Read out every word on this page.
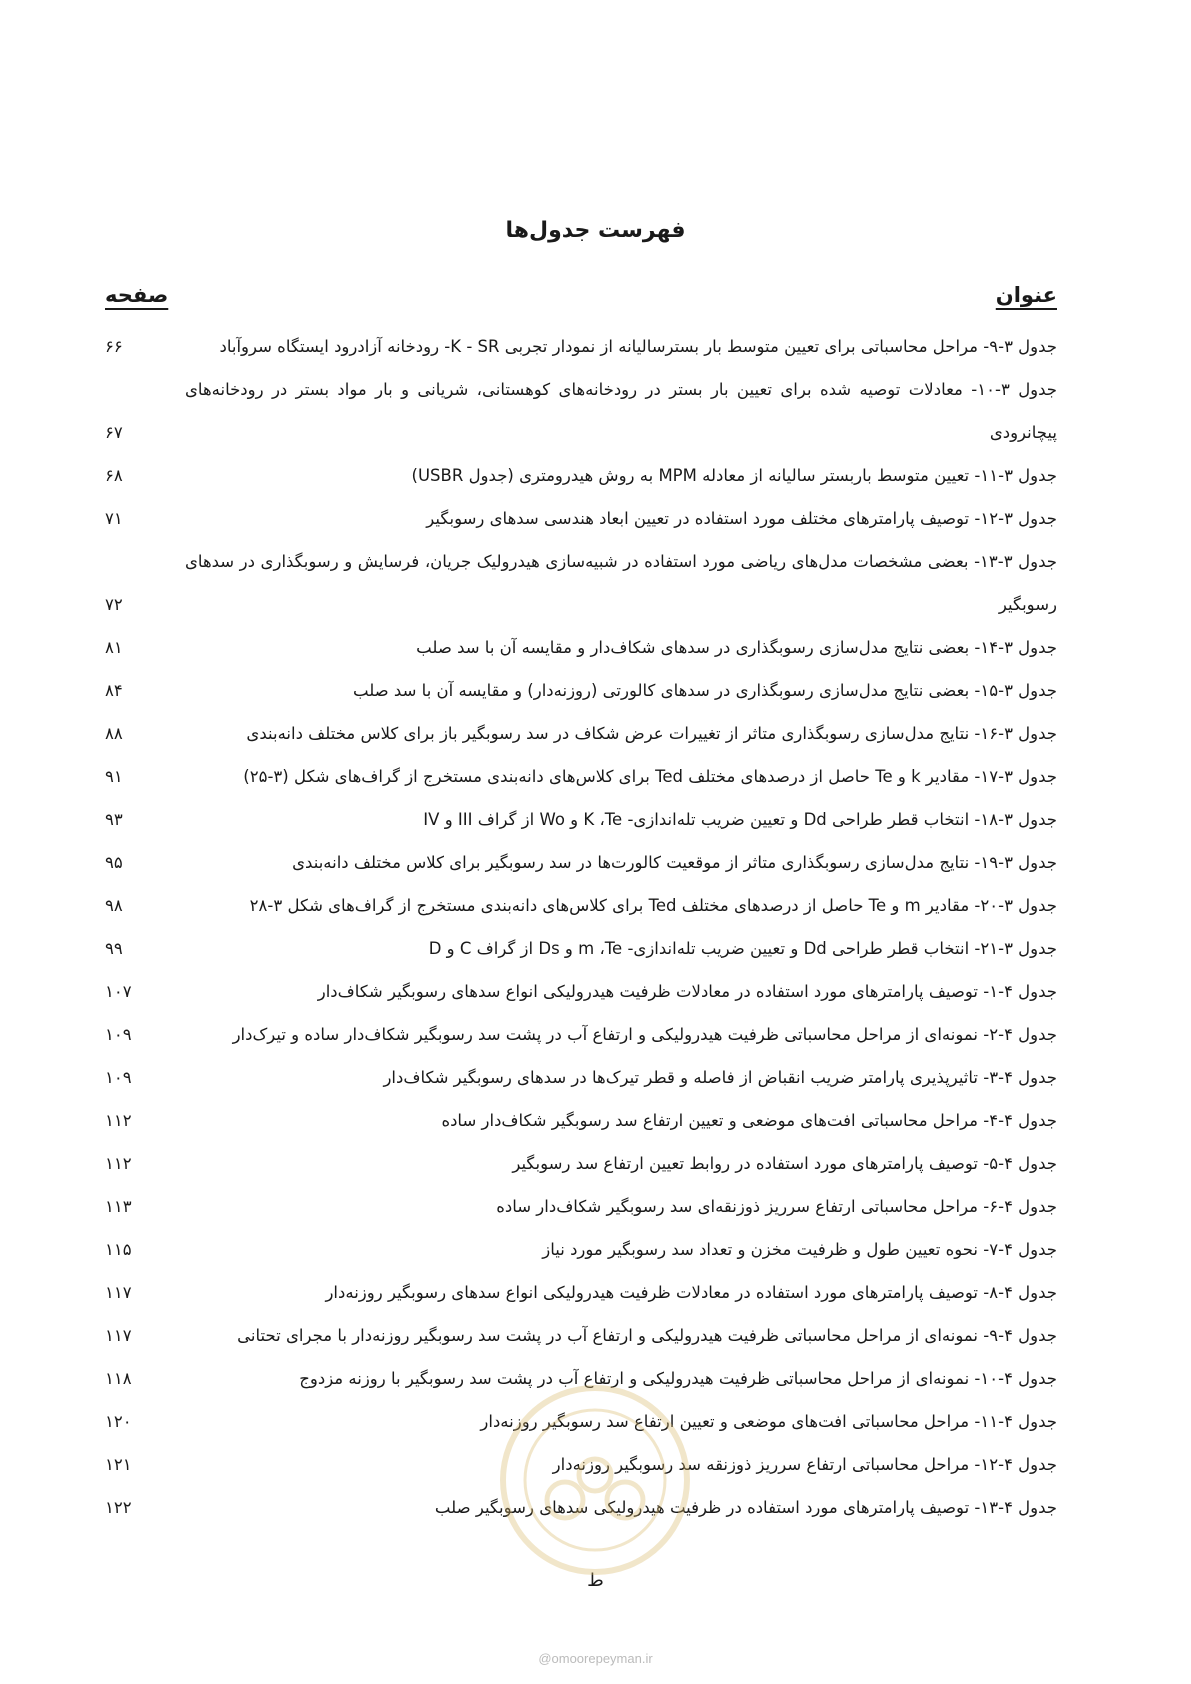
فهرست جدول‌ها
عنوان
صفحه
جدول ۳-۹- مراحل محاسباتی برای تعیین متوسط بار بسترسالیانه از نمودار تجربی K - SR- رودخانه آزادرود ایستگاه سروآباد
۶۶
جدول ۳-۱۰- معادلات توصیه شده برای تعیین بار بستر در رودخانه‌های کوهستانی، شریانی و بار مواد بستر در رودخانه‌های پیچانرودی
۶۷
جدول ۳-۱۱- تعیین متوسط باربستر سالیانه از معادله MPM به روش هیدرومتری (جدول USBR)
۶۸
جدول ۳-۱۲- توصیف پارامترهای مختلف مورد استفاده در تعیین ابعاد هندسی سدهای رسوبگیر
۷۱
جدول ۳-۱۳- بعضی مشخصات مدل‌های ریاضی مورد استفاده در شبیه‌سازی هیدرولیک جریان، فرسایش و رسوبگذاری در سدهای رسوبگیر
۷۲
جدول ۳-۱۴- بعضی نتایج مدل‌سازی رسوبگذاری در سدهای شکاف‌دار و مقایسه آن با سد صلب
۸۱
جدول ۳-۱۵- بعضی نتایج مدل‌سازی رسوبگذاری در سدهای کالورتی (روزنه‌دار) و مقایسه آن با سد صلب
۸۴
جدول ۳-۱۶- نتایج مدل‌سازی رسوبگذاری متاثر از تغییرات عرض شکاف در سد رسوبگیر باز برای کلاس مختلف دانه‌بندی
۸۸
جدول ۳-۱۷- مقادیر k و Te حاصل از درصدهای مختلف Ted برای کلاس‌های دانه‌بندی مستخرج از گراف‌های شکل (۳-۲۵)
۹۱
جدول ۳-۱۸- انتخاب قطر طراحی Dd و تعیین ضریب تله‌اندازی- K ،Te و Wo از گراف III و IV
۹۳
جدول ۳-۱۹- نتایج مدل‌سازی رسوبگذاری متاثر از موقعیت کالورت‌ها در سد رسوبگیر برای کلاس مختلف دانه‌بندی
۹۵
جدول ۳-۲۰- مقادیر m و Te حاصل از درصدهای مختلف Ted برای کلاس‌های دانه‌بندی مستخرج از گراف‌های شکل ۳-۲۸
۹۸
جدول ۳-۲۱- انتخاب قطر طراحی Dd و تعیین ضریب تله‌اندازی- m ،Te و Ds از گراف C و D
۹۹
جدول ۴-۱- توصیف پارامترهای مورد استفاده در معادلات ظرفیت هیدرولیکی انواع سدهای رسوبگیر شکاف‌دار
۱۰۷
جدول ۴-۲- نمونه‌ای از مراحل محاسباتی ظرفیت هیدرولیکی و ارتفاع آب در پشت سد رسوبگیر شکاف‌دار ساده و تیرک‌دار
۱۰۹
جدول ۴-۳- تاثیرپذیری پارامتر ضریب انقباض از فاصله و قطر تیرک‌ها در سدهای رسوبگیر شکاف‌دار
۱۰۹
جدول ۴-۴- مراحل محاسباتی افت‌های موضعی و تعیین ارتفاع سد رسوبگیر شکاف‌دار ساده
۱۱۲
جدول ۴-۵- توصیف پارامترهای مورد استفاده در روابط تعیین ارتفاع سد رسوبگیر
۱۱۲
جدول ۴-۶- مراحل محاسباتی ارتفاع سرریز ذوزنقه‌ای سد رسوبگیر شکاف‌دار ساده
۱۱۳
جدول ۴-۷- نحوه تعیین طول و ظرفیت مخزن و تعداد سد رسوبگیر مورد نیاز
۱۱۵
جدول ۴-۸- توصیف پارامترهای مورد استفاده در معادلات ظرفیت هیدرولیکی انواع سدهای رسوبگیر روزنه‌دار
۱۱۷
جدول ۴-۹- نمونه‌ای از مراحل محاسباتی ظرفیت هیدرولیکی و ارتفاع آب در پشت سد رسوبگیر روزنه‌دار با مجرای تحتانی
۱۱۷
جدول ۴-۱۰- نمونه‌ای از مراحل محاسباتی ظرفیت هیدرولیکی و ارتفاع آب در پشت سد رسوبگیر با روزنه مزدوج
۱۱۸
جدول ۴-۱۱- مراحل محاسباتی افت‌های موضعی و تعیین ارتفاع سد رسوبگیر روزنه‌دار
۱۲۰
جدول ۴-۱۲- مراحل محاسباتی ارتفاع سرریز ذوزنقه سد رسوبگیر روزنه‌دار
۱۲۱
جدول ۴-۱۳- توصیف پارامترهای مورد استفاده در ظرفیت هیدرولیکی سدهای رسوبگیر صلب
۱۲۲
ط
@omoorepeyman.ir
